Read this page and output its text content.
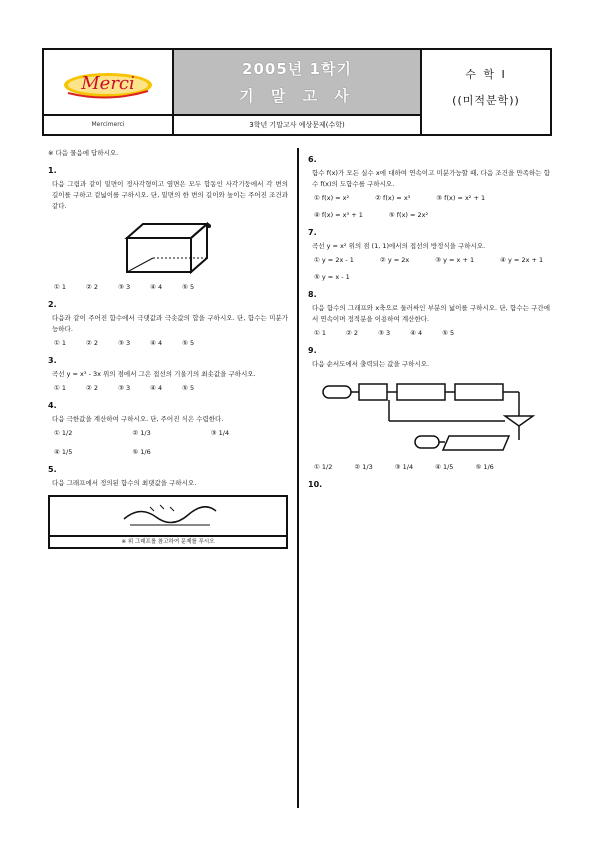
Merci
Mercimerci
2005년 1학기
기 말 고 사
3학년 기말고사 예상문제(수학)
수 학 I
((미적분학))
※ 다음 물음에 답하시오.
1.
다음 그림과 같이 밑면이 정사각형이고 옆면은 모두 합동인 사각기둥에서 각 변의 길이를 구하고 겉넓이를 구하시오. 단, 밑면의 한 변의 길이와 높이는 주어진 조건과 같다.
① 1	② 2	③ 3	④ 4	⑤ 5
2.
다음과 같이 주어진 함수에서 극댓값과 극솟값의 합을 구하시오. 단, 함수는 미분가능하다.
① 1	② 2	③ 3	④ 4	⑤ 5
3.
곡선 y = x³ - 3x 위의 점에서 그은 접선의 기울기의 최솟값을 구하시오.
① 1	② 2	③ 3	④ 4	⑤ 5
4.
다음 극한값을 계산하여 구하시오. 단, 주어진 식은 수렴한다.
① 1/2	② 1/3	③ 1/4
④ 1/5	⑤ 1/6
5.
다음 그래프에서 정의된 함수의 최댓값을 구하시오.
※ 위 그래프를 참고하여 문제를 푸시오
6.
함수 f(x)가 모든 실수 x에 대하여 연속이고 미분가능할 때, 다음 조건을 만족하는 함수 f(x)의 도함수를 구하시오.
① f(x) = x²	② f(x) = x³	③ f(x) = x² + 1
④ f(x) = x³ + 1	⑤ f(x) = 2x²
7.
곡선 y = x² 위의 점 (1, 1)에서의 접선의 방정식을 구하시오.
① y = 2x - 1	② y = 2x	③ y = x + 1	④ y = 2x + 1
⑤ y = x - 1
8.
다음 함수의 그래프와 x축으로 둘러싸인 부분의 넓이를 구하시오. 단, 함수는 구간에서 연속이며 정적분을 이용하여 계산한다.
① 1	② 2	③ 3	④ 4	⑤ 5
9.
다음 순서도에서 출력되는 값을 구하시오.
① 1/2	② 1/3	③ 1/4	④ 1/5	⑤ 1/6
10.
